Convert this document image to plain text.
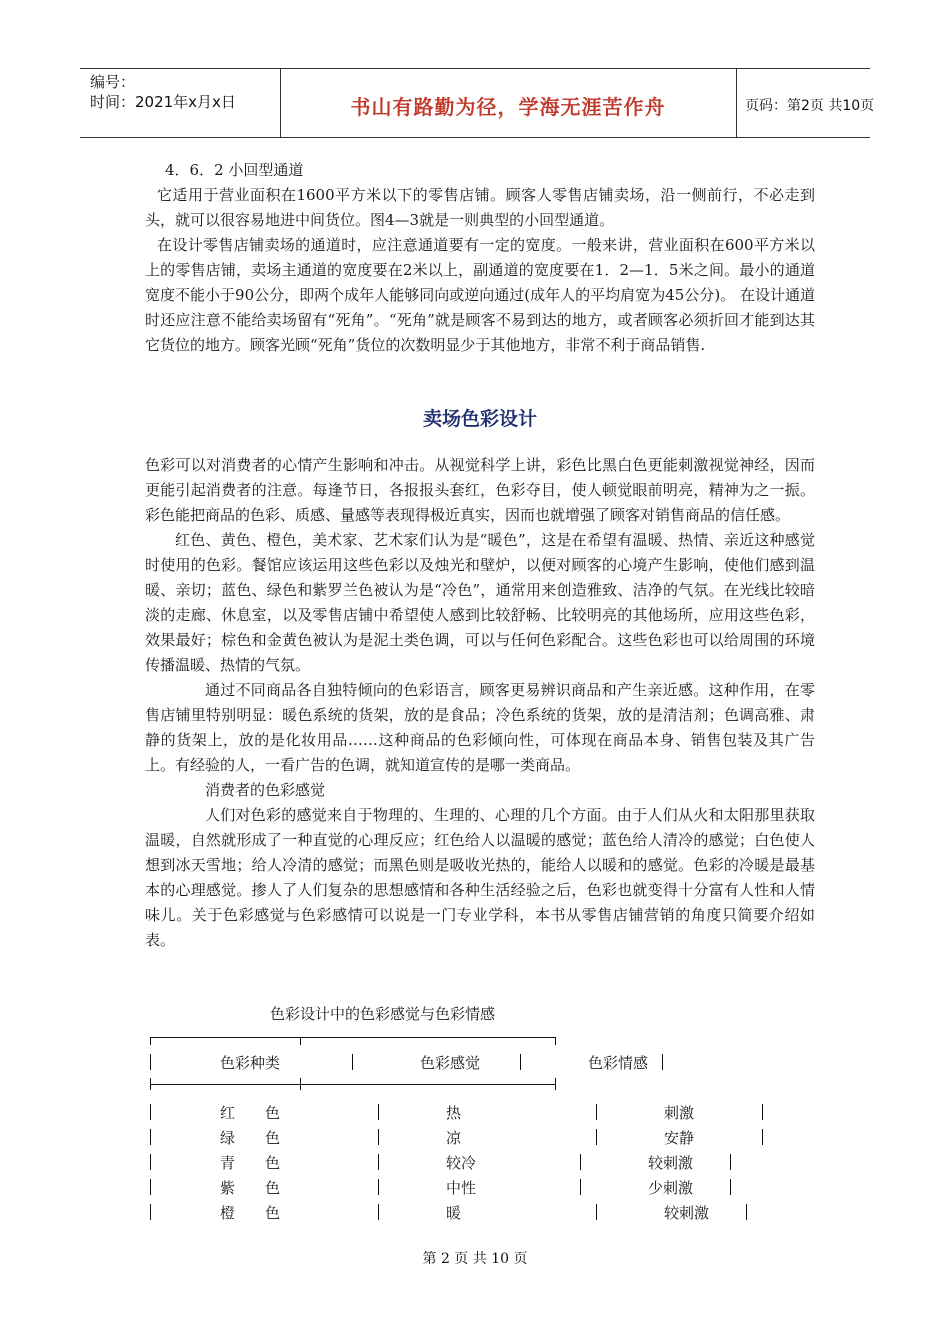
编号：
时间：2021年x月x日	书山有路勤为径，学海无涯苦作舟	页码：第2页 共10页

4．6．2 小回型通道

它适用于营业面积在1600平方米以下的零售店铺。顾客人零售店铺卖场，沿一侧前行，不必走到头，就可以很容易地进中间货位。图4—3就是一则典型的小回型通道。

在设计零售店铺卖场的通道时，应注意通道要有一定的宽度。一般来讲，营业面积在600平方米以上的零售店铺，卖场主通道的宽度要在2米以上，副通道的宽度要在1．2—1．5米之间。最小的通道宽度不能小于90公分，即两个成年人能够同向或逆向通过(成年人的平均肩宽为45公分)。 在设计通道时还应注意不能给卖场留有“死角”。“死角”就是顾客不易到达的地方，或者顾客必须折回才能到达其它货位的地方。顾客光顾“死角”货位的次数明显少于其他地方，非常不利于商品销售.

卖场色彩设计

色彩可以对消费者的心情产生影响和冲击。从视觉科学上讲，彩色比黑白色更能刺激视觉神经，因而更能引起消费者的注意。每逢节日，各报报头套红，色彩夺目，使人顿觉眼前明亮，精神为之一振。彩色能把商品的色彩、质感、量感等表现得极近真实，因而也就增强了顾客对销售商品的信任感。

红色、黄色、橙色，美术家、艺术家们认为是“暖色”，这是在希望有温暖、热情、亲近这种感觉时使用的色彩。餐馆应该运用这些色彩以及烛光和壁炉，以便对顾客的心境产生影响，使他们感到温暖、亲切；蓝色、绿色和紫罗兰色被认为是“冷色”，通常用来创造雅致、洁净的气氛。在光线比较暗淡的走廊、休息室，以及零售店铺中希望使人感到比较舒畅、比较明亮的其他场所，应用这些色彩，效果最好；棕色和金黄色被认为是泥土类色调，可以与任何色彩配合。这些色彩也可以给周围的环境传播温暖、热情的气氛。

通过不同商品各自独特倾向的色彩语言，顾客更易辨识商品和产生亲近感。这种作用，在零售店铺里特别明显：暖色系统的货架，放的是食品；冷色系统的货架，放的是清洁剂；色调高雅、肃静的货架上，放的是化妆用品……这种商品的色彩倾向性，可体现在商品本身、销售包装及其广告上。有经验的人，一看广告的色调，就知道宣传的是哪一类商品。

消费者的色彩感觉

人们对色彩的感觉来自于物理的、生理的、心理的几个方面。由于人们从火和太阳那里获取温暖，自然就形成了一种直觉的心理反应；红色给人以温暖的感觉；蓝色给人清冷的感觉；白色使人想到冰天雪地；给人冷清的感觉；而黑色则是吸收光热的，能给人以暖和的感觉。色彩的冷暖是最基本的心理感觉。掺人了人们复杂的思想感情和各种生活经验之后，色彩也就变得十分富有人性和人情味儿。关于色彩感觉与色彩感情可以说是一门专业学科，本书从零售店铺营销的角度只简要介绍如表。

色彩设计中的色彩感觉与色彩情感
色彩种类	色彩感觉	色彩情感
红　　色	热	刺激
绿　　色	凉	安静
青　　色	较冷	较刺激
紫　　色	中性	少刺激
橙　　色	暖	较刺激
第 2 页 共 10 页
